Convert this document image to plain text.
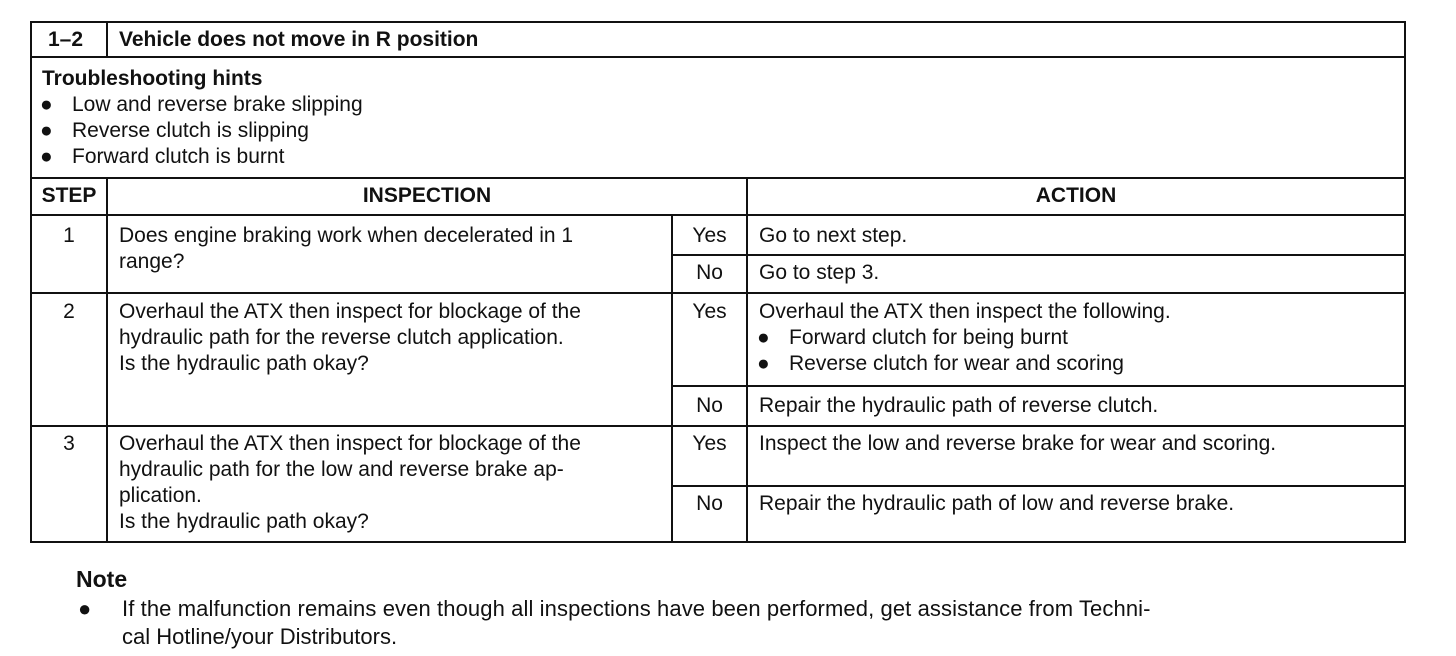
1–2 Vehicle does not move in R position
Troubleshooting hints
● Low and reverse brake slipping
● Reverse clutch is slipping
● Forward clutch is burnt
STEP	INSPECTION	ACTION
1	Does engine braking work when decelerated in 1
range?
Yes	Go to next step.
No	Go to step 3.
2	Overhaul the ATX then inspect for blockage of the
hydraulic path for the reverse clutch application.
Is the hydraulic path okay?
Yes	Overhaul the ATX then inspect the following.
● Forward clutch for being burnt
● Reverse clutch for wear and scoring
No	Repair the hydraulic path of reverse clutch.
3	Overhaul the ATX then inspect for blockage of the
hydraulic path for the low and reverse brake ap-
plication.
Is the hydraulic path okay?
Yes	Inspect the low and reverse brake for wear and scoring.
No	Repair the hydraulic path of low and reverse brake.
Note
● If the malfunction remains even though all inspections have been performed, get assistance from Techni-
cal Hotline/your Distributors.
